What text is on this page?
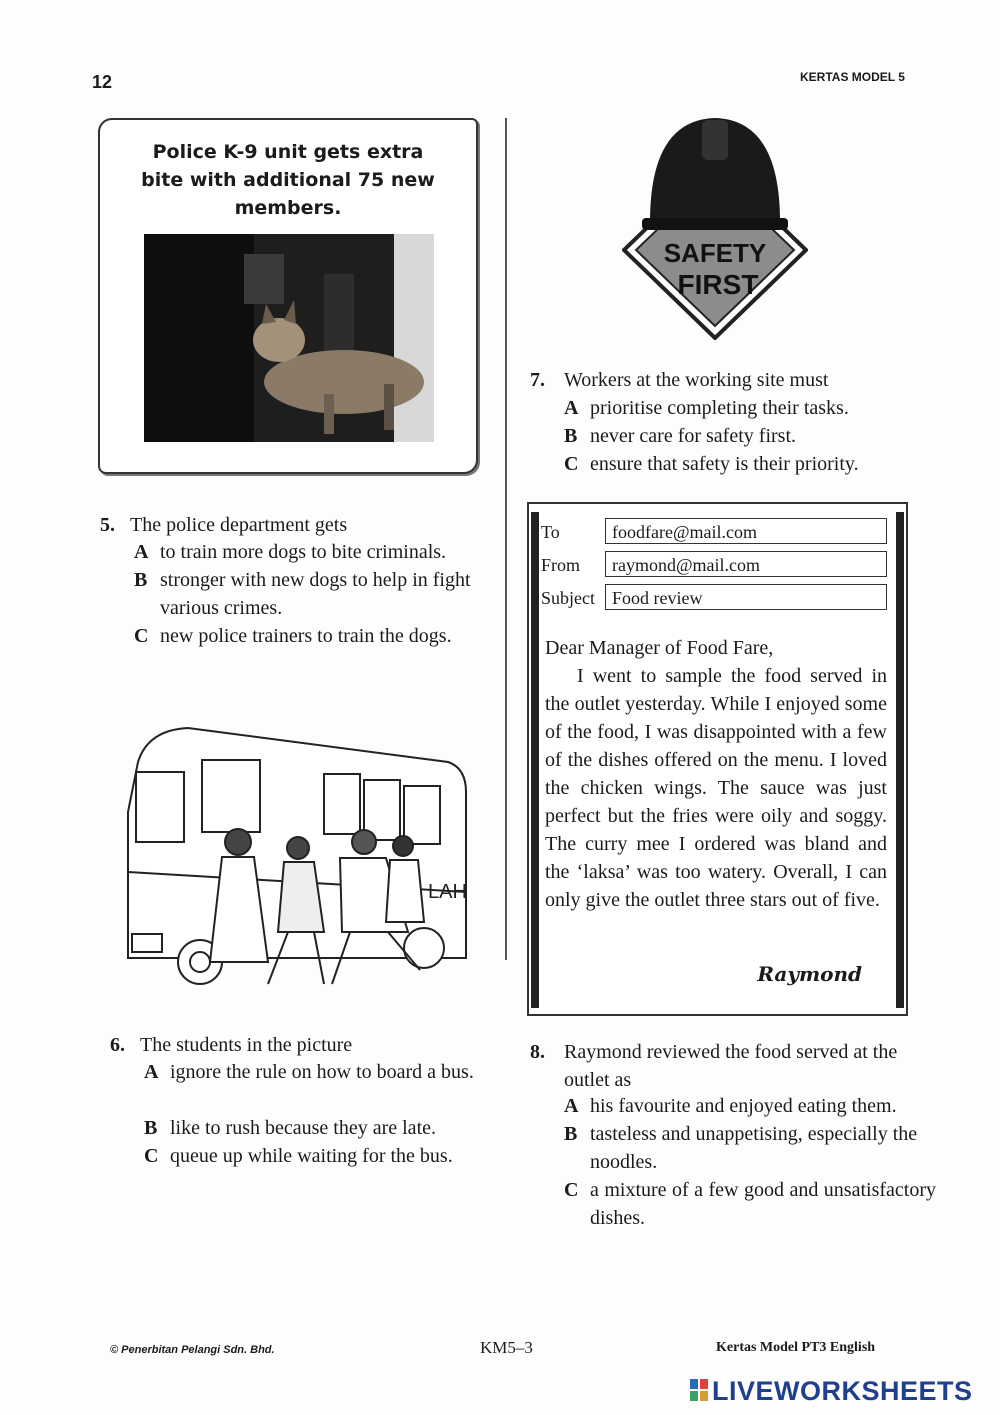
12	KERTAS MODEL 5
Police K-9 unit gets extra bite with additional 75 new members.
5. The police department gets
A to train more dogs to bite criminals.
B stronger with new dogs to help in fight various crimes.
C new police trainers to train the dogs.
LAH
6. The students in the picture
A ignore the rule on how to board a bus.
B like to rush because they are late.
C queue up while waiting for the bus.
SAFETY
FIRST
7. Workers at the working site must
A prioritise completing their tasks.
B never care for safety first.
C ensure that safety is their priority.
To	foodfare@mail.com
From	raymond@mail.com
Subject Food review
Dear Manager of Food Fare,
I went to sample the food served in the outlet yesterday. While I enjoyed some of the food, I was disappointed with a few of the dishes offered on the menu. I loved the chicken wings. The sauce was just perfect but the fries were oily and soggy. The curry mee I ordered was bland and the ‘laksa’ was too watery. Overall, I can only give the outlet three stars out of five.
Raymond
8. Raymond reviewed the food served at the outlet as
A his favourite and enjoyed eating them.
B tasteless and unappetising, especially the noodles.
C a mixture of a few good and unsatisfactory dishes.
© Penerbitan Pelangi Sdn. Bhd.	KM5–3	Kertas Model PT3 English
LIVEWORKSHEETS
